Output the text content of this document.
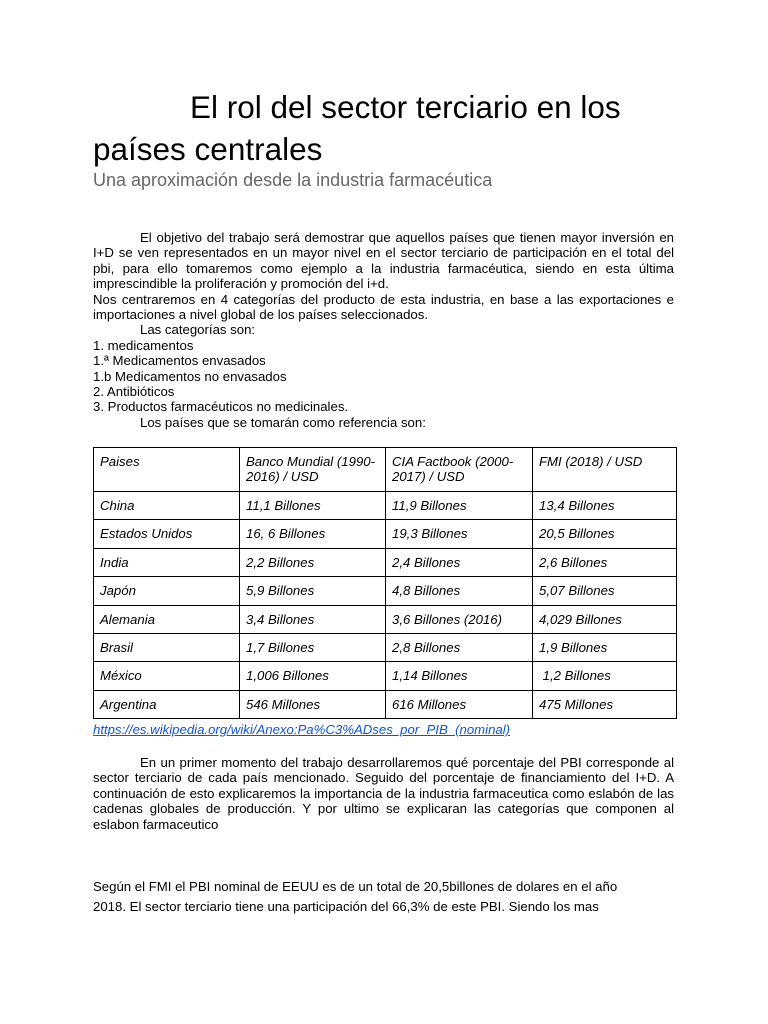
El rol del sector terciario en los
países centrales
Una aproximación desde la industria farmacéutica

El objetivo del trabajo será demostrar que aquellos países que tienen mayor inversión en I+D se ven representados en un mayor nivel en el sector terciario de participación en el total del pbi, para ello tomaremos como ejemplo a la industria farmacéutica, siendo en esta última imprescindible la proliferación y promoción del i+d.

Nos centraremos en 4 categorías del producto de esta industria, en base a las exportaciones e importaciones a nivel global de los países seleccionados.

Las categorías son:

1. medicamentos

1.ª Medicamentos envasados

1.b Medicamentos no envasados

2. Antibióticos

3. Productos farmacéuticos no medicinales.

Los países que se tomarán como referencia son:

Paises	Banco Mundial (1990-2016) / USD	CIA Factbook (2000-2017) / USD	FMI (2018) / USD
China	11,1 Billones	11,9 Billones	13,4 Billones
Estados Unidos	16, 6 Billones	19,3 Billones	20,5 Billones
India	2,2 Billones	2,4 Billones	2,6 Billones
Japón	5,9 Billones	4,8 Billones	5,07 Billones
Alemania	3,4 Billones	3,6 Billones (2016)	4,029 Billones
Brasil	1,7 Billones	2,8 Billones	1,9 Billones
México	1,006 Billones	1,14 Billones	1,2 Billones
Argentina	546 Millones	616 Millones	475 Millones
https://es.wikipedia.org/wiki/Anexo:Pa%C3%ADses_por_PIB_(nominal)

En un primer momento del trabajo desarrollaremos qué porcentaje del PBI corresponde al sector terciario de cada país mencionado. Seguido del porcentaje de financiamiento del I+D. A continuación de esto explicaremos la importancia de la industria farmaceutica como eslabón de las cadenas globales de producción. Y por ultimo se explicaran las categorías que componen al eslabon farmaceutico

Según el FMI el PBI nominal de EEUU es de un total de 20,5billones de dolares en el año

2018. El sector terciario tiene una participación del 66,3% de este PBI. Siendo los mas
